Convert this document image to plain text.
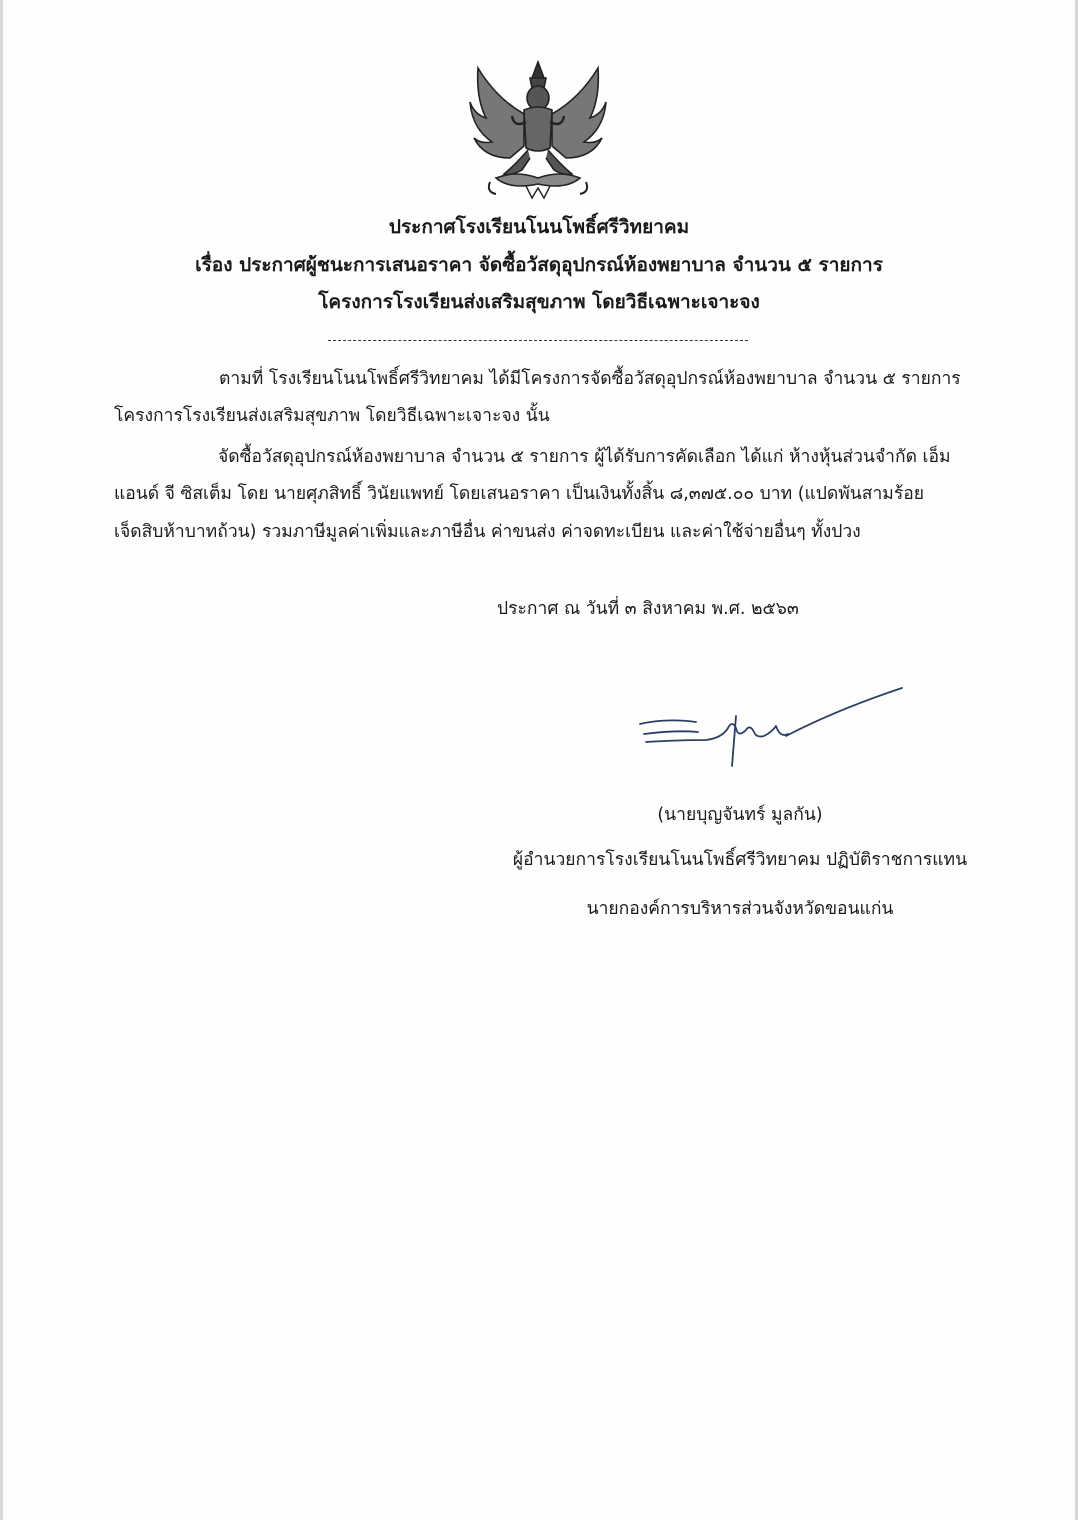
ประกาศโรงเรียนโนนโพธิ์ศรีวิทยาคม
เรื่อง ประกาศผู้ชนะการเสนอราคา จัดซื้อวัสดุอุปกรณ์ห้องพยาบาล จำนวน ๕ รายการ
โครงการโรงเรียนส่งเสริมสุขภาพ โดยวิธีเฉพาะเจาะจง
ตามที่ โรงเรียนโนนโพธิ์ศรีวิทยาคม ได้มีโครงการจัดซื้อวัสดุอุปกรณ์ห้องพยาบาล จำนวน ๕ รายการ
โครงการโรงเรียนส่งเสริมสุขภาพ โดยวิธีเฉพาะเจาะจง นั้น
จัดซื้อวัสดุอุปกรณ์ห้องพยาบาล จำนวน ๕ รายการ ผู้ได้รับการคัดเลือก ได้แก่ ห้างหุ้นส่วนจำกัด เอ็ม
แอนด์ จี ซิสเต็ม โดย นายศุภสิทธิ์ วินัยแพทย์ โดยเสนอราคา เป็นเงินทั้งสิ้น ๘,๓๗๕.๐๐ บาท (แปดพันสามร้อย
เจ็ดสิบห้าบาทถ้วน) รวมภาษีมูลค่าเพิ่มและภาษีอื่น ค่าขนส่ง ค่าจดทะเบียน และค่าใช้จ่ายอื่นๆ ทั้งปวง
ประกาศ ณ วันที่ ๓ สิงหาคม พ.ศ. ๒๕๖๓
(นายบุญจันทร์ มูลกัน)
ผู้อำนวยการโรงเรียนโนนโพธิ์ศรีวิทยาคม ปฏิบัติราชการแทน
นายกองค์การบริหารส่วนจังหวัดขอนแก่น
